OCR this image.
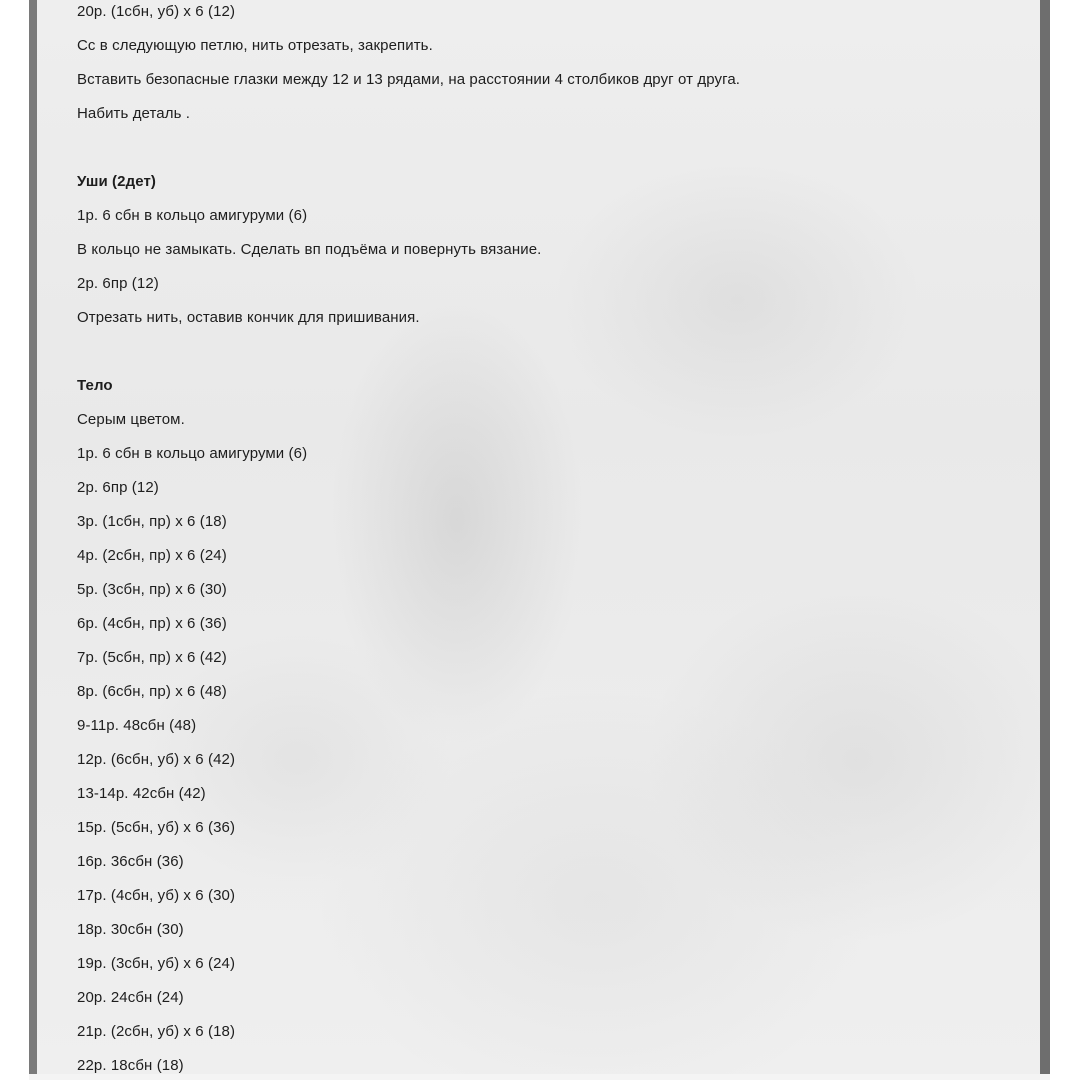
20р. (1сбн, уб) х 6 (12)

Сс в следующую петлю, нить отрезать, закрепить.

Вставить безопасные глазки между 12 и 13 рядами, на расстоянии 4 столбиков друг от друга.

Набить деталь .

Уши (2дет)

1р. 6 сбн в кольцо амигуруми (6)

В кольцо не замыкать. Сделать вп подъёма и повернуть вязание.

2р. 6пр (12)

Отрезать нить, оставив кончик для пришивания.

Тело

Серым цветом.

1р. 6 сбн в кольцо амигуруми (6)

2р. 6пр (12)

3р. (1сбн, пр) х 6 (18)

4р. (2сбн, пр) х 6 (24)

5р. (3сбн, пр) х 6 (30)

6р. (4сбн, пр) х 6 (36)

7р. (5сбн, пр) х 6 (42)

8р. (6сбн, пр) х 6 (48)

9-11р. 48сбн (48)

12р. (6сбн, уб) х 6 (42)

13-14р. 42сбн (42)

15р. (5сбн, уб) х 6 (36)

16р. 36сбн (36)

17р. (4сбн, уб) х 6 (30)

18р. 30сбн (30)

19р. (3сбн, уб) х 6 (24)

20р. 24сбн (24)

21р. (2сбн, уб) х 6 (18)

22р. 18сбн (18)
